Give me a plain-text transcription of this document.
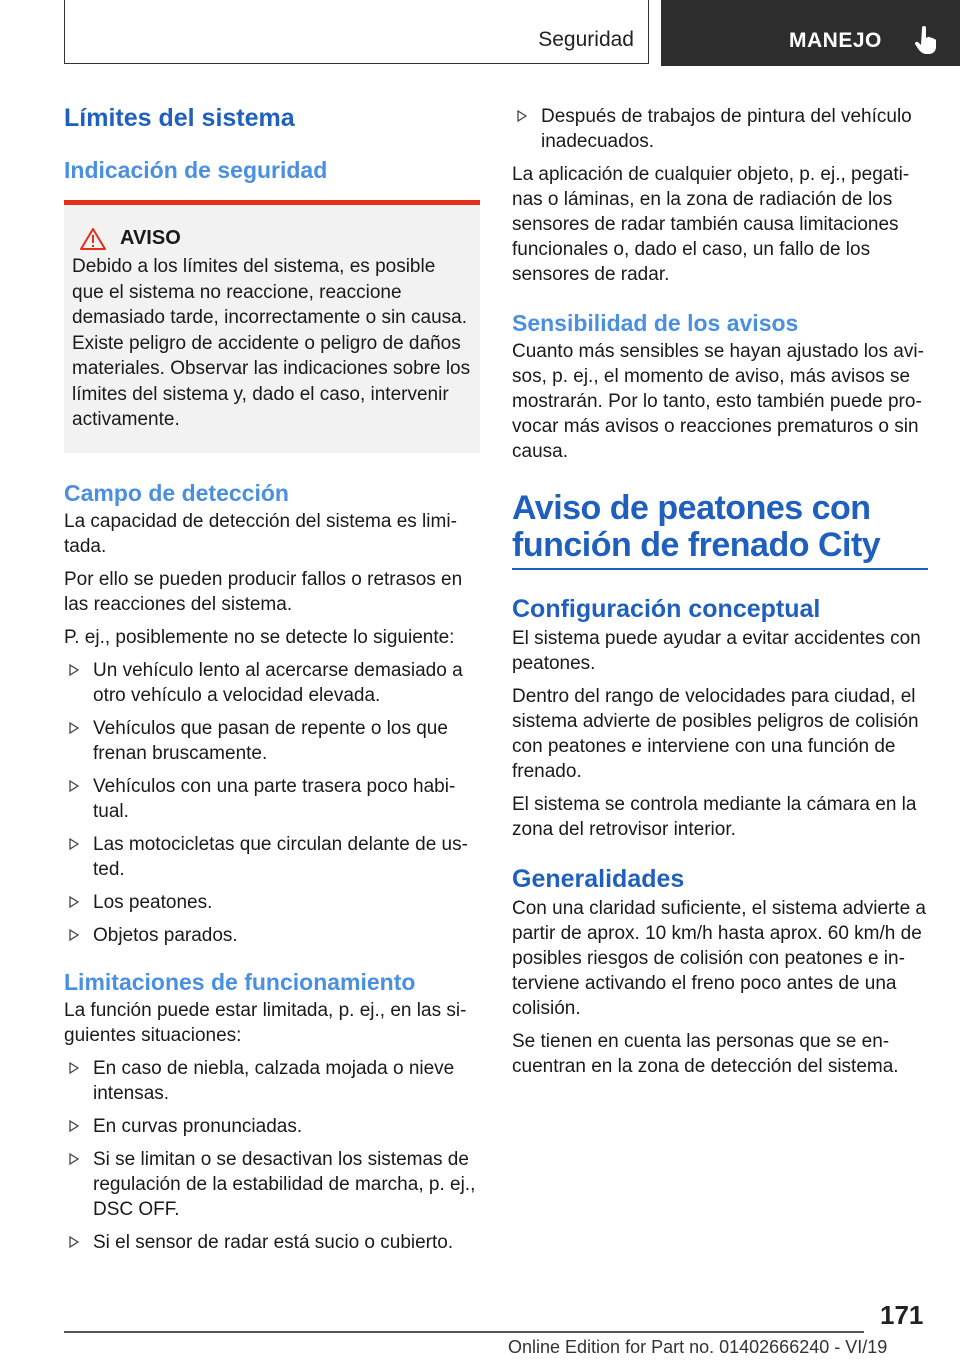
Seguridad	MANEJO
Límites del sistema
Indicación de seguridad
AVISO
Debido a los límites del sistema, es posible que el sistema no reaccione, reaccione demasiado tarde, incorrectamente o sin causa. Existe peligro de accidente o peligro de daños materiales. Observar las indicaciones sobre los límites del sistema y, dado el caso, intervenir activamente.
Campo de detección

La capacidad de detección del sistema es limitada.

Por ello se pueden producir fallos o retrasos en las reacciones del sistema.

P. ej., posiblemente no se detecte lo siguiente:

Un vehículo lento al acercarse demasiado a otro vehículo a velocidad elevada.
Vehículos que pasan de repente o los que frenan bruscamente.
Vehículos con una parte trasera poco habitual.
Las motocicletas que circulan delante de usted.
Los peatones.
Objetos parados.
Limitaciones de funcionamiento

La función puede estar limitada, p. ej., en las siguientes situaciones:

En caso de niebla, calzada mojada o nieve intensas.
En curvas pronunciadas.
Si se limitan o se desactivan los sistemas de regulación de la estabilidad de marcha, p. ej., DSC OFF.
Si el sensor de radar está sucio o cubierto.
Después de trabajos de pintura del vehículo inadecuados.

La aplicación de cualquier objeto, p. ej., pegatinas o láminas, en la zona de radiación de los sensores de radar también causa limitaciones funcionales o, dado el caso, un fallo de los sensores de radar.

Sensibilidad de los avisos

Cuanto más sensibles se hayan ajustado los avisos, p. ej., el momento de aviso, más avisos se mostrarán. Por lo tanto, esto también puede provocar más avisos o reacciones prematuros o sin causa.

Aviso de peatones con función de frenado City
Configuración conceptual

El sistema puede ayudar a evitar accidentes con peatones.

Dentro del rango de velocidades para ciudad, el sistema advierte de posibles peligros de colisión con peatones e interviene con una función de frenado.

El sistema se controla mediante la cámara en la zona del retrovisor interior.

Generalidades

Con una claridad suficiente, el sistema advierte a partir de aprox. 10 km/h hasta aprox. 60 km/h de posibles riesgos de colisión con peatones e interviene activando el freno poco antes de una colisión.

Se tienen en cuenta las personas que se encuentran en la zona de detección del sistema.

171
Online Edition for Part no. 01402666240 - VI/19
